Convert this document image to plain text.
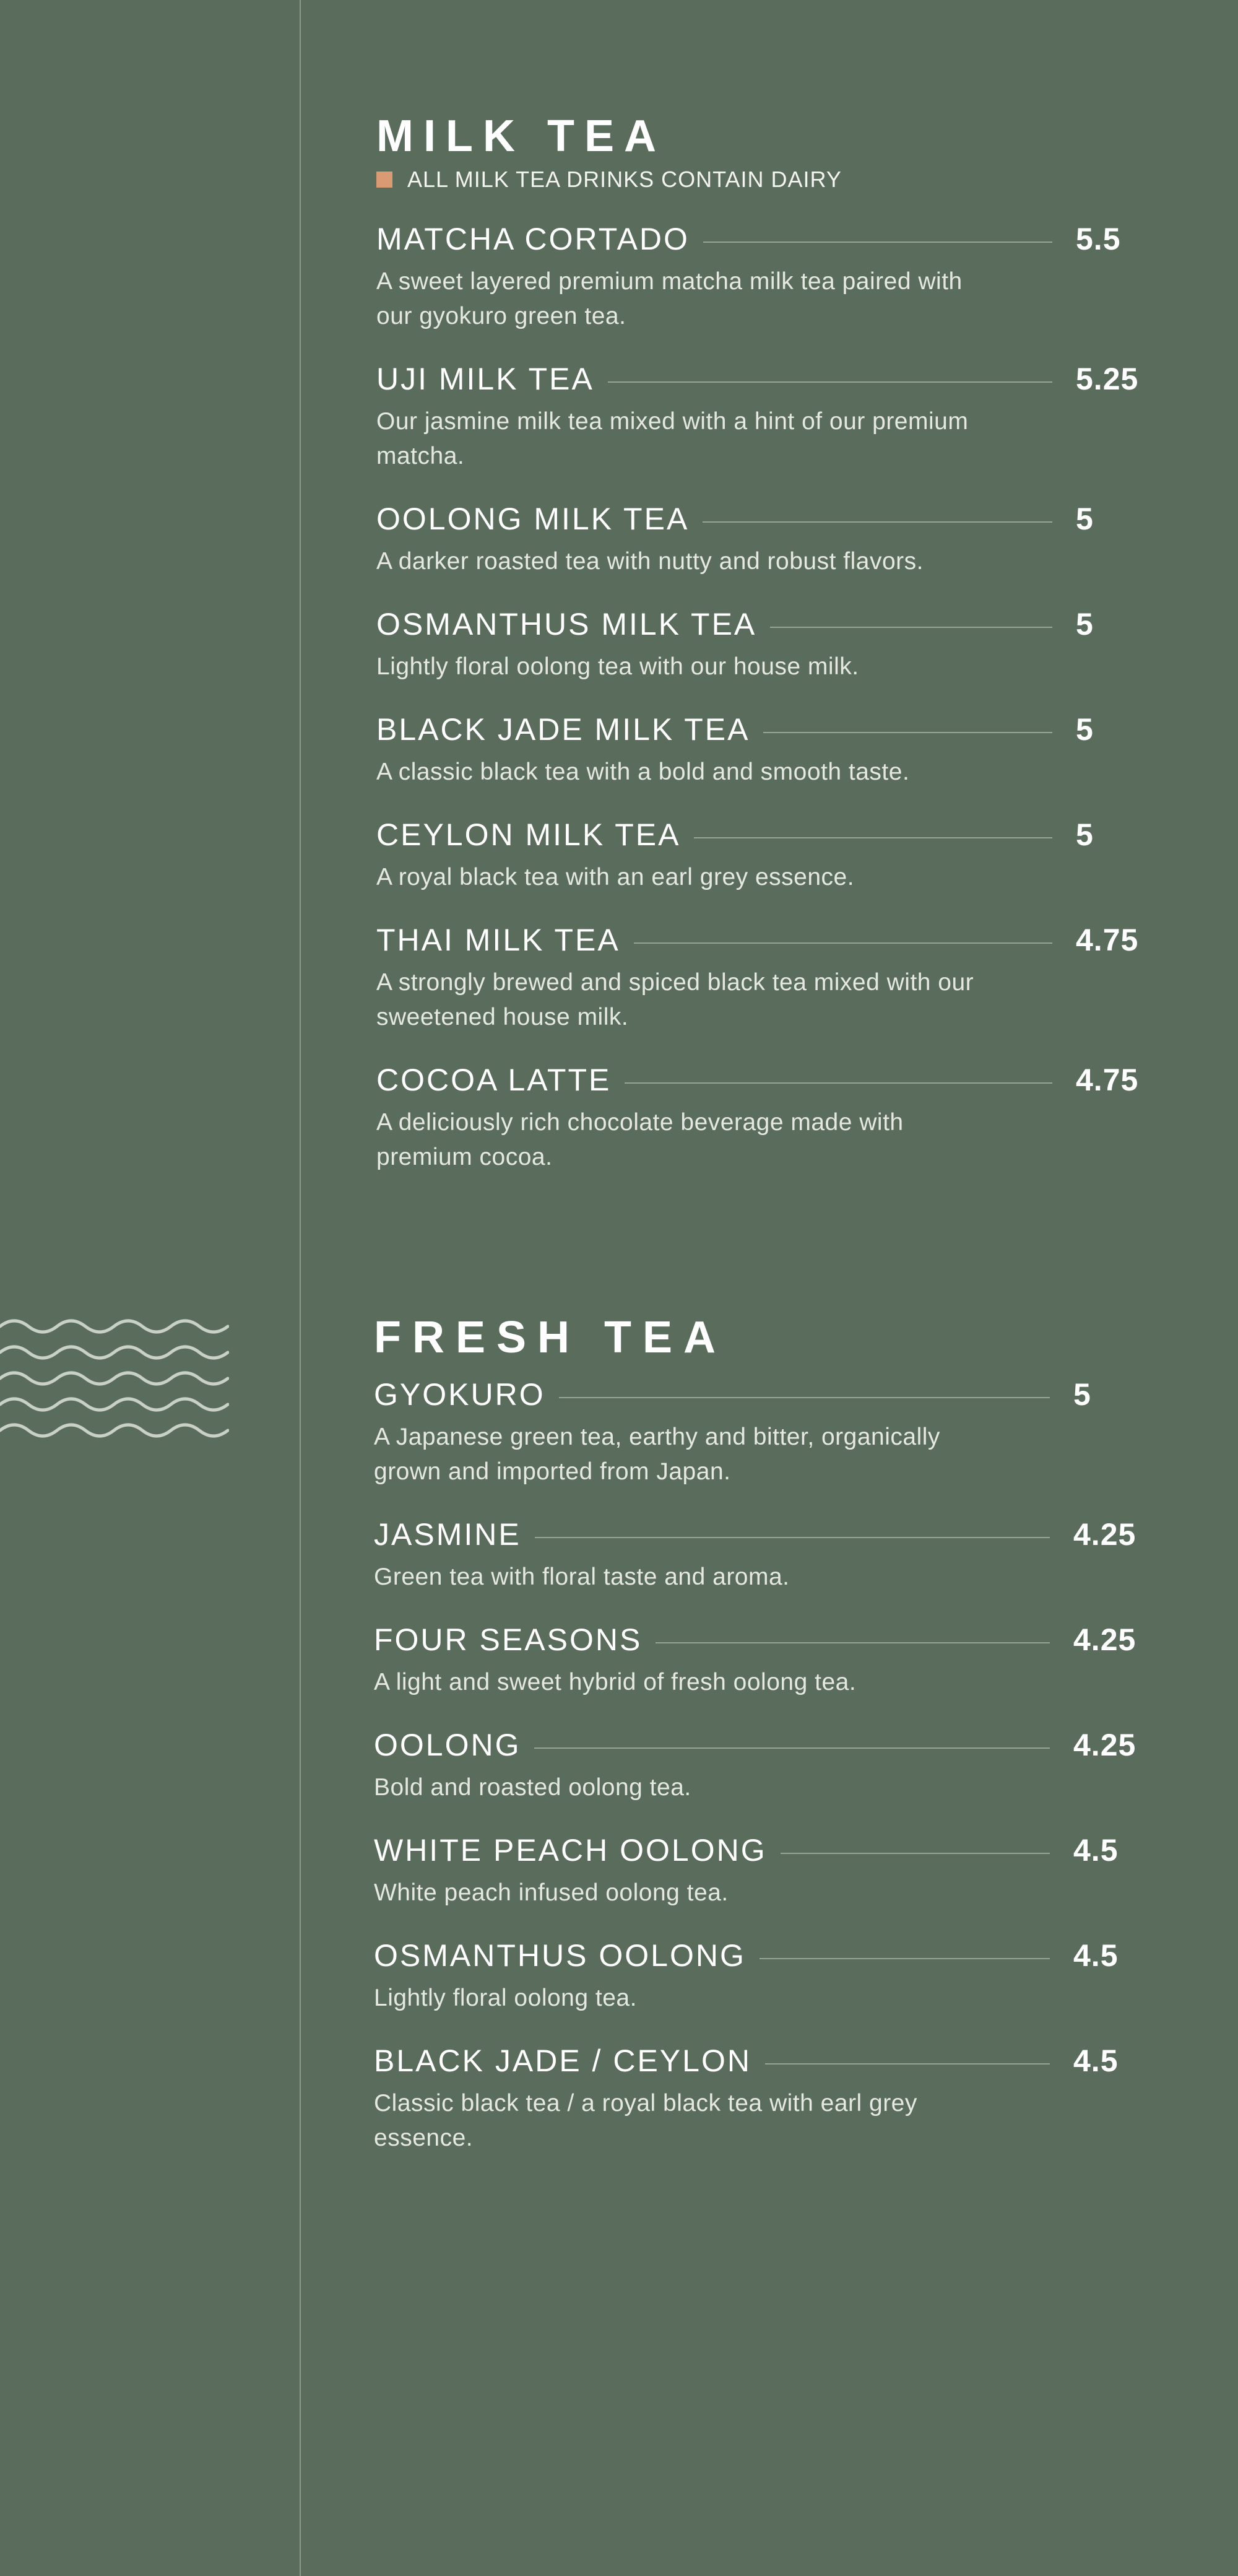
MILK TEA
ALL MILK TEA DRINKS CONTAIN DAIRY
MATCHA CORTADO	5.5
A sweet layered premium matcha milk tea paired with our gyokuro green tea.
UJI MILK TEA	5.25
Our jasmine milk tea mixed with a hint of our premium matcha.
OOLONG MILK TEA	5
A darker roasted tea with nutty and robust flavors.
OSMANTHUS MILK TEA	5
Lightly floral oolong tea with our house milk.
BLACK JADE MILK TEA	5
A classic black tea with a bold and smooth taste.
CEYLON MILK TEA	5
A royal black tea with an earl grey essence.
THAI MILK TEA	4.75
A strongly brewed and spiced black tea mixed with our sweetened house milk.
COCOA LATTE	4.75
A deliciously rich chocolate beverage made with premium cocoa.
FRESH TEA
GYOKURO	5
A Japanese green tea, earthy and bitter, organically grown and imported from Japan.
JASMINE	4.25
Green tea with floral taste and aroma.
FOUR SEASONS	4.25
A light and sweet hybrid of fresh oolong tea.
OOLONG	4.25
Bold and roasted oolong tea.
WHITE PEACH OOLONG	4.5
White peach infused oolong tea.
OSMANTHUS OOLONG	4.5
Lightly floral oolong tea.
BLACK JADE / CEYLON	4.5
Classic black tea / a royal black tea with earl grey essence.
